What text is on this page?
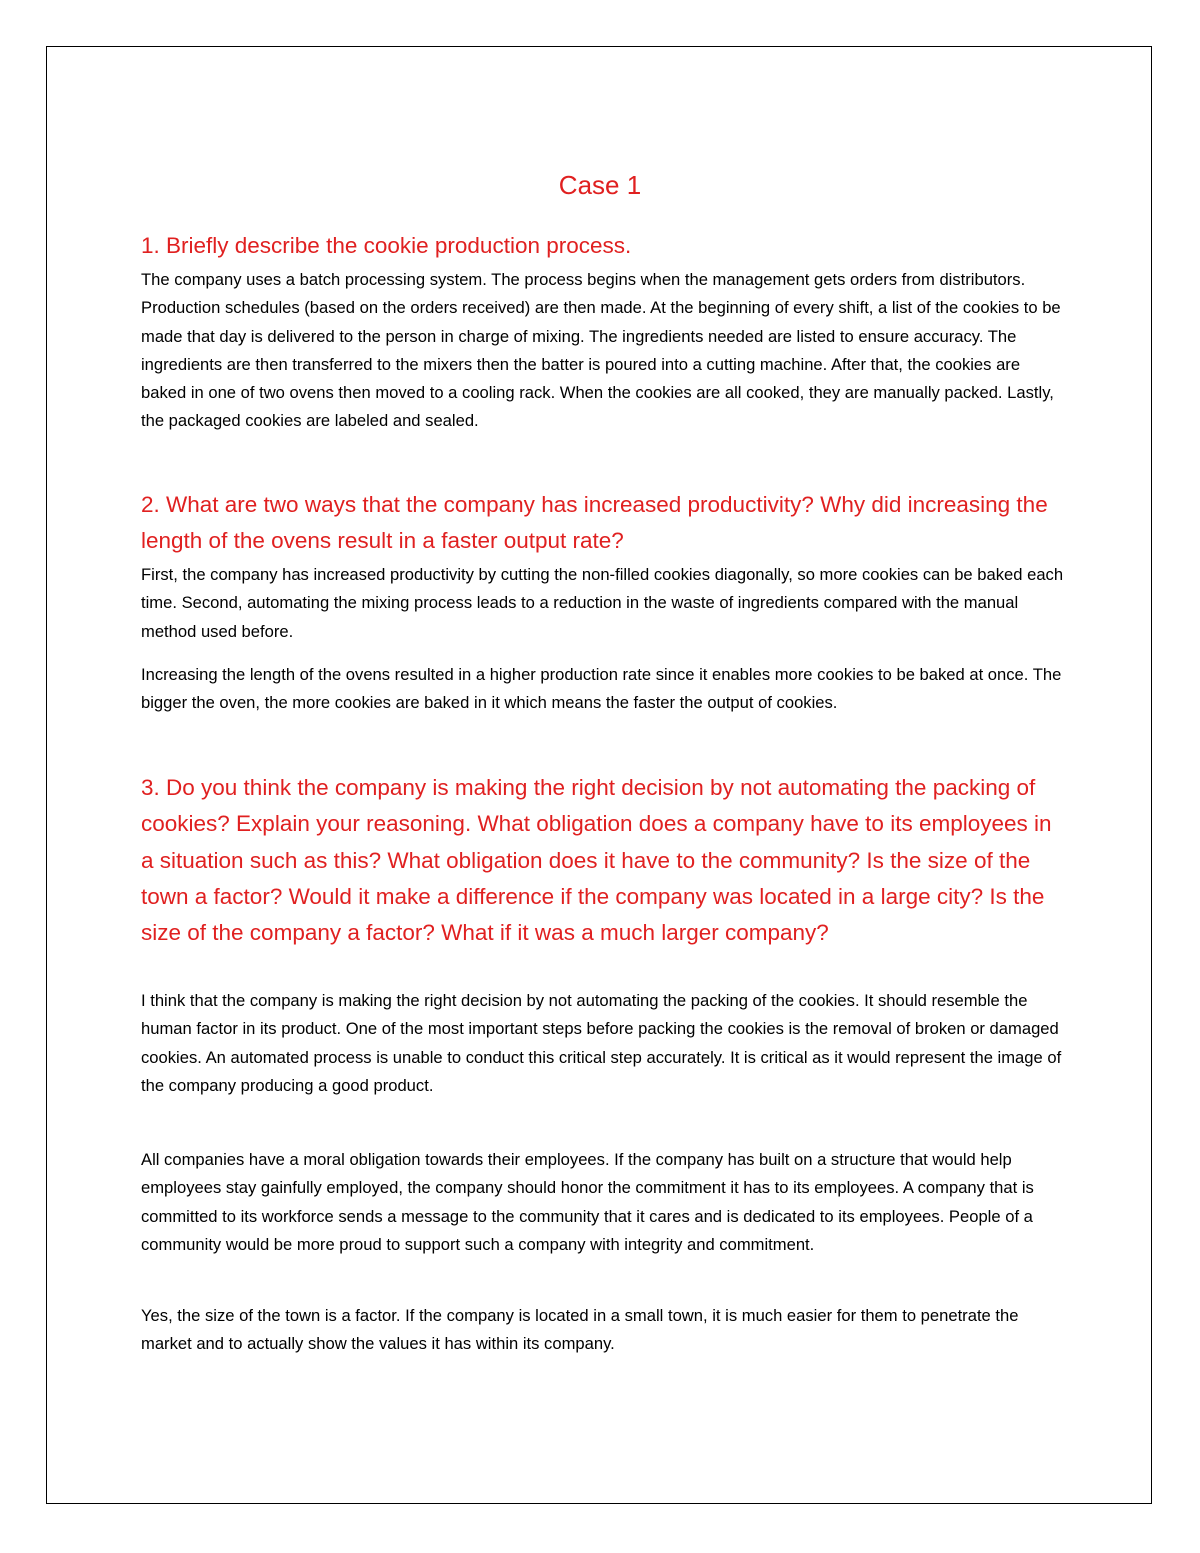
Case 1
1. Briefly describe the cookie production process.

The company uses a batch processing system. The process begins when the management gets orders from distributors. Production schedules (based on the orders received) are then made. At the beginning of every shift, a list of the cookies to be made that day is delivered to the person in charge of mixing. The ingredients needed are listed to ensure accuracy. The ingredients are then transferred to the mixers then the batter is poured into a cutting machine. After that, the cookies are baked in one of two ovens then moved to a cooling rack. When the cookies are all cooked, they are manually packed. Lastly, the packaged cookies are labeled and sealed.

2. What are two ways that the company has increased productivity? Why did increasing the length of the ovens result in a faster output rate?

First, the company has increased productivity by cutting the non-filled cookies diagonally, so more cookies can be baked each time. Second, automating the mixing process leads to a reduction in the waste of ingredients compared with the manual method used before.

Increasing the length of the ovens resulted in a higher production rate since it enables more cookies to be baked at once. The bigger the oven, the more cookies are baked in it which means the faster the output of cookies.

3. Do you think the company is making the right decision by not automating the packing of cookies? Explain your reasoning. What obligation does a company have to its employees in a situation such as this? What obligation does it have to the community? Is the size of the town a factor? Would it make a difference if the company was located in a large city? Is the size of the company a factor? What if it was a much larger company?

I think that the company is making the right decision by not automating the packing of the cookies. It should resemble the human factor in its product. One of the most important steps before packing the cookies is the removal of broken or damaged cookies. An automated process is unable to conduct this critical step accurately. It is critical as it would represent the image of the company producing a good product.

All companies have a moral obligation towards their employees. If the company has built on a structure that would help employees stay gainfully employed, the company should honor the commitment it has to its employees. A company that is committed to its workforce sends a message to the community that it cares and is dedicated to its employees. People of a community would be more proud to support such a company with integrity and commitment.

Yes, the size of the town is a factor. If the company is located in a small town, it is much easier for them to penetrate the market and to actually show the values it has within its company.
